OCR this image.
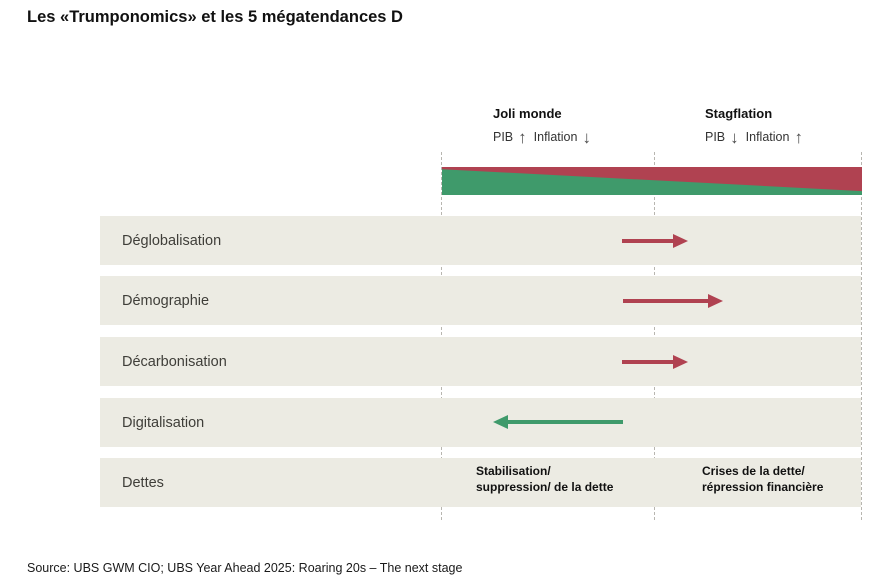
Les «Trumponomics» et les 5 mégatendances D
Joli monde
PIB ↑ Inflation ↓
Stagflation
PIB ↓ Inflation ↑
Déglobalisation
Démographie
Décarbonisation
Digitalisation
Dettes
Stabilisation/
suppression/ de la dette
Crises de la dette/
répression financière
Source: UBS GWM CIO; UBS Year Ahead 2025: Roaring 20s – The next stage
